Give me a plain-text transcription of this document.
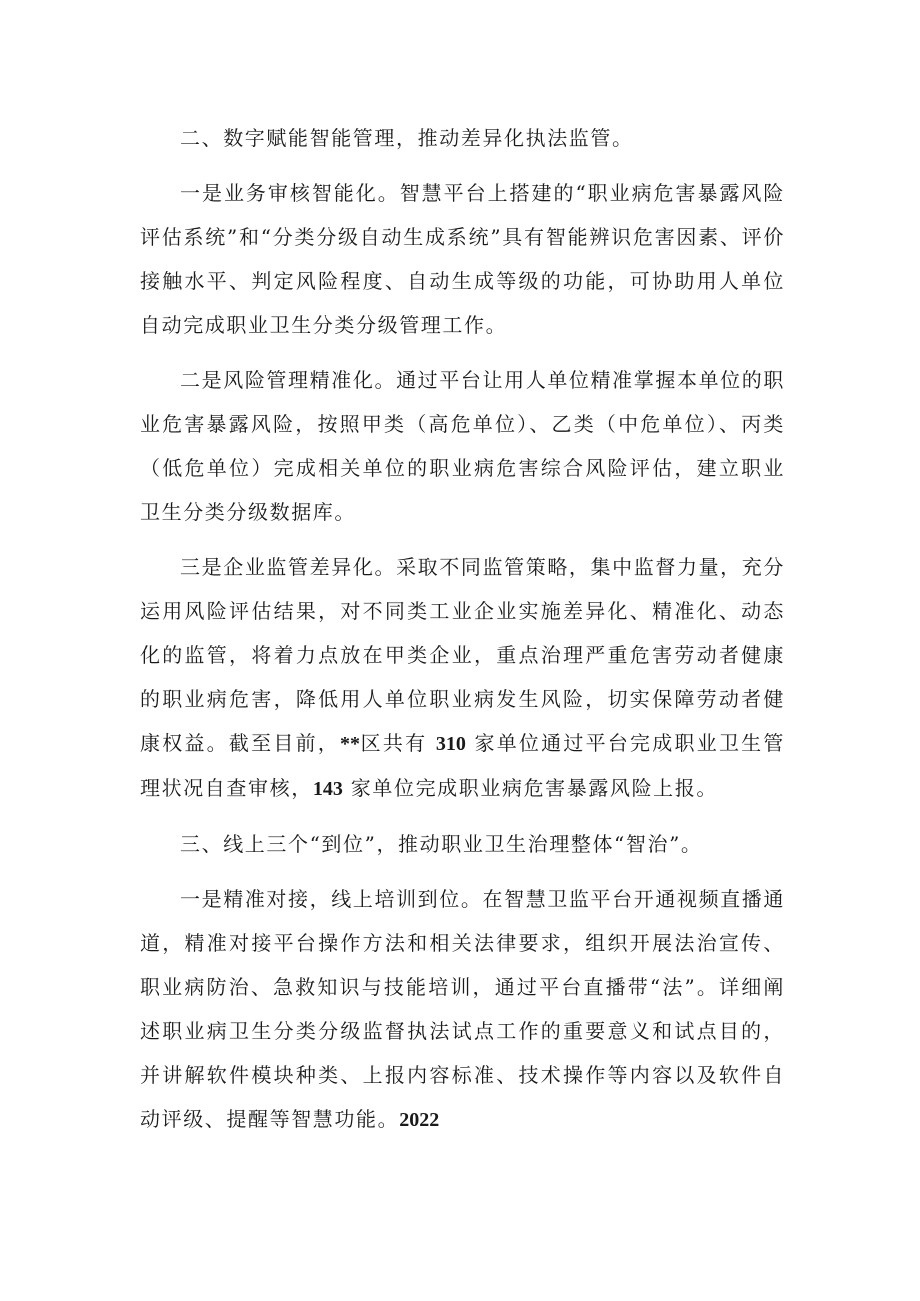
二、数字赋能智能管理，推动差异化执法监管。

一是业务审核智能化。智慧平台上搭建的“职业病危害暴露风险评估系统”和“分类分级自动生成系统”具有智能辨识危害因素、评价接触水平、判定风险程度、自动生成等级的功能，可协助用人单位自动完成职业卫生分类分级管理工作。

二是风险管理精准化。通过平台让用人单位精准掌握本单位的职业危害暴露风险，按照甲类（高危单位）、乙类（中危单位）、丙类（低危单位）完成相关单位的职业病危害综合风险评估，建立职业卫生分类分级数据库。

三是企业监管差异化。采取不同监管策略，集中监督力量，充分运用风险评估结果，对不同类工业企业实施差异化、精准化、动态化的监管，将着力点放在甲类企业，重点治理严重危害劳动者健康的职业病危害，降低用人单位职业病发生风险，切实保障劳动者健康权益。截至目前，**区共有 310 家单位通过平台完成职业卫生管理状况自查审核，143 家单位完成职业病危害暴露风险上报。

三、线上三个“到位”，推动职业卫生治理整体“智治”。

一是精准对接，线上培训到位。在智慧卫监平台开通视频直播通道，精准对接平台操作方法和相关法律要求，组织开展法治宣传、职业病防治、急救知识与技能培训，通过平台直播带“法”。详细阐述职业病卫生分类分级监督执法试点工作的重要意义和试点目的，并讲解软件模块种类、上报内容标准、技术操作等内容以及软件自动评级、提醒等智慧功能。2022
